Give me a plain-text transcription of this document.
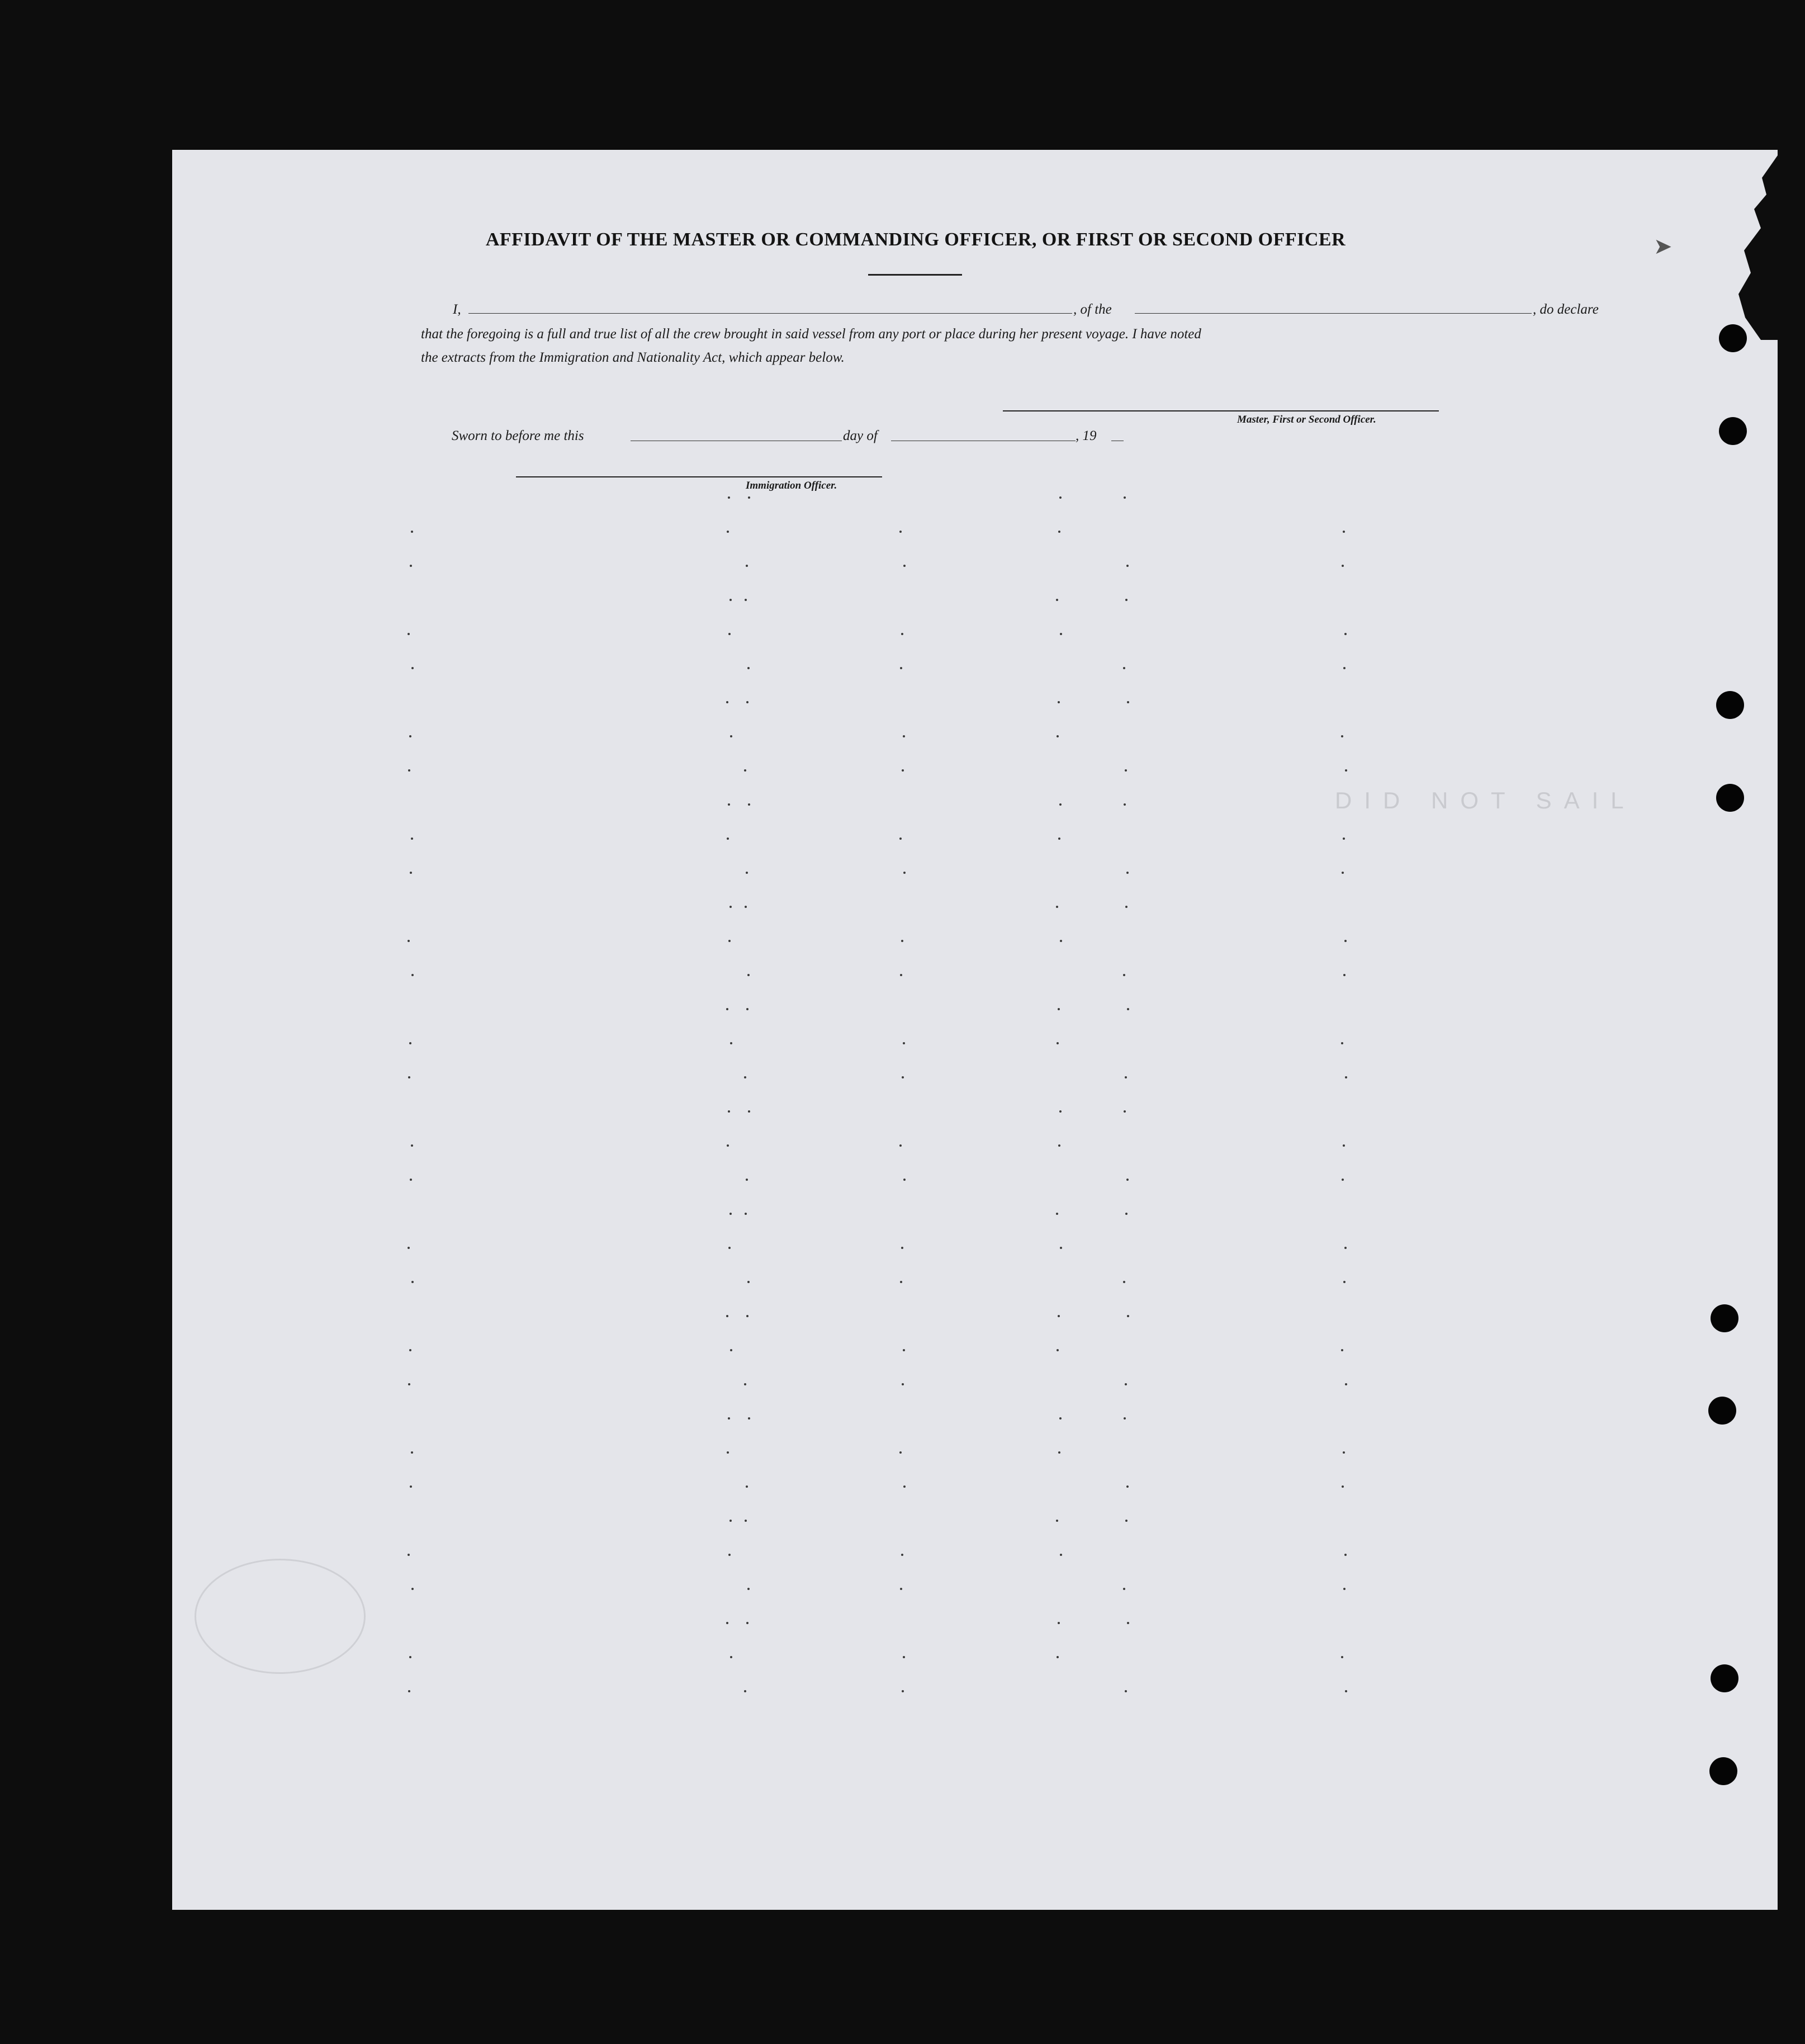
AFFIDAVIT OF THE MASTER OR COMMANDING OFFICER, OR FIRST OR SECOND OFFICER
I,	, of the	, do declare
that the foregoing is a full and true list of all the crew brought in said vessel from any port or place during her present voyage. I have noted
the extracts from the Immigration and Nationality Act, which appear below.
Master, First or Second Officer.
Sworn to before me this	day of	, 19
Immigration Officer.
DID NOT SAIL
➤
